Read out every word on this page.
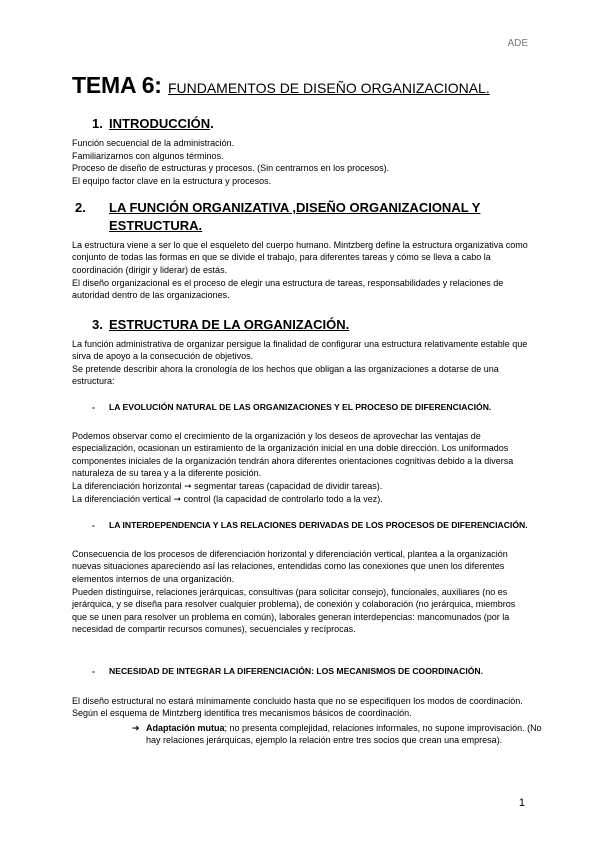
ADE
TEMA 6: FUNDAMENTOS DE DISEÑO ORGANIZACIONAL.
1. INTRODUCCIÓN.

Función secuencial de la administración.

Familiarizarnos con algunos términos.

Proceso de diseño de estructuras y procesos. (Sin centrarnos en los procesos).

El equipo factor clave en la estructura y procesos.

2. LA FUNCIÓN ORGANIZATIVA ,DISEÑO ORGANIZACIONAL Y ESTRUCTURA.

La estructura viene a ser lo que el esqueleto del cuerpo humano. Mintzberg define la estructura organizativa como conjunto de todas las formas en que se divide el trabajo, para diferentes tareas y cómo se lleva a cabo la coordinación (dirigir y liderar) de estás.

El diseño organizacional es el proceso de elegir una estructura de tareas, responsabilidades y relaciones de autoridad dentro de las organizaciones.

3. ESTRUCTURA DE LA ORGANIZACIÓN.

La función administrativa de organizar persigue la finalidad de configurar una estructura relativamente estable que sirva de apoyo a la consecución de objetivos.

Se pretende describir ahora la cronología de los hechos que obligan a las organizaciones a dotarse de una estructura:

- LA EVOLUCIÓN NATURAL DE LAS ORGANIZACIONES Y EL PROCESO DE DIFERENCIACIÓN.

Podemos observar como el crecimiento de la organización y los deseos de aprovechar las ventajas de especialización, ocasionan un estiramiento de la organización inicial en una doble dirección. Los uniformados componentes iniciales de la organización tendrán ahora diferentes orientaciones cognitivas debido a la diversa naturaleza de su tarea y a la diferente posición.

La diferenciación horizontal ➞ segmentar tareas (capacidad de dividir tareas).

La diferenciación vertical ➞ control (la capacidad de controlarlo todo a la vez).

- LA INTERDEPENDENCIA Y LAS RELACIONES DERIVADAS DE LOS PROCESOS DE DIFERENCIACIÓN.

Consecuencia de los procesos de diferenciación horizontal y diferenciación vertical, plantea a la organización nuevas situaciones apareciendo así las relaciones, entendidas como las conexiones que unen los diferentes elementos internos de una organización.

Pueden distinguirse, relaciones jerárquicas, consultivas (para solicitar consejo), funcionales, auxiliares (no es jerárquica, y se diseña para resolver cualquier problema), de conexión y colaboración (no jerárquica, miembros que se unen para resolver un problema en común), laborales generan interdepencias: mancomunados (por la necesidad de compartir recursos comunes), secuenciales y recíprocas.

- NECESIDAD DE INTEGRAR LA DIFERENCIACIÓN: LOS MECANISMOS DE COORDINACIÓN.

El diseño estructural no estará mínimamente concluido hasta que no se especifiquen los modos de coordinación. Según el esquema de Mintzberg identifica tres mecanismos básicos de coordinación.

➔ Adaptación mutua; no presenta complejidad, relaciones informales, no supone improvisación. (No hay relaciones jerárquicas, ejemplo la relación entre tres socios que crean una empresa).
1
